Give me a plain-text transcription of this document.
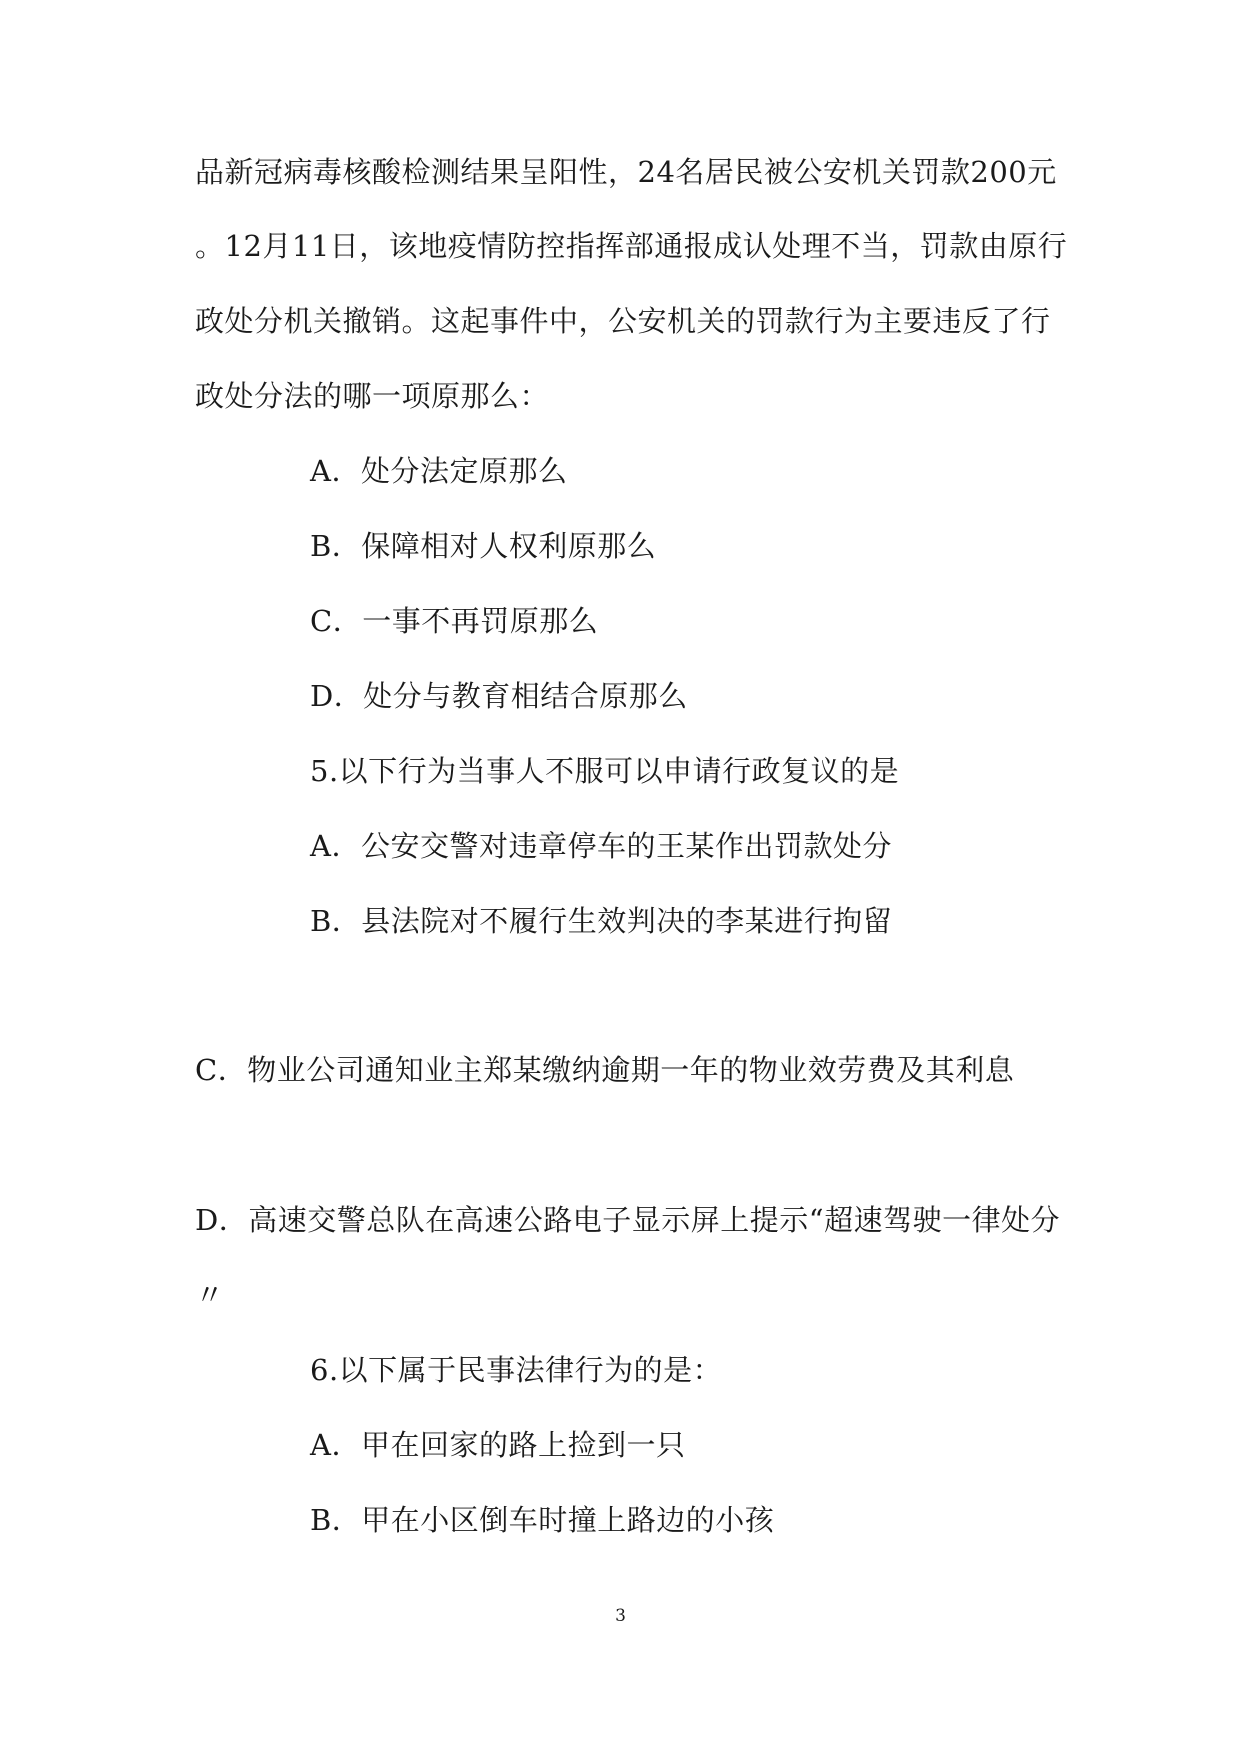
品新冠病毒核酸检测结果呈阳性，24名居民被公安机关罚款200元
。12月11日，该地疫情防控指挥部通报成认处理不当，罚款由原行
政处分机关撤销。这起事件中，公安机关的罚款行为主要违反了行
政处分法的哪一项原那么：
A．处分法定原那么
B．保障相对人权利原那么
C．一事不再罚原那么
D．处分与教育相结合原那么
5.以下行为当事人不服可以申请行政复议的是
A．公安交警对违章停车的王某作出罚款处分
B．县法院对不履行生效判决的李某进行拘留
C．物业公司通知业主郑某缴纳逾期一年的物业效劳费及其利息
D．高速交警总队在高速公路电子显示屏上提示“超速驾驶一律处分
〃
6.以下属于民事法律行为的是：
A．甲在回家的路上捡到一只
B．甲在小区倒车时撞上路边的小孩
3
